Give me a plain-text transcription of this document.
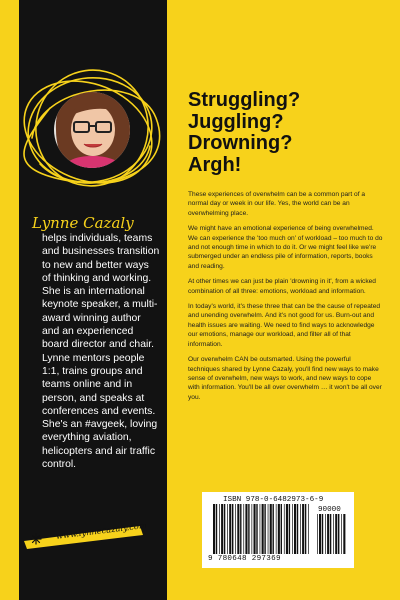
Lynne Cazaly

helps individuals, teams and businesses transition to new and better ways of thinking and working. She is an international keynote speaker, a multi-award winning author and an experienced board director and chair. Lynne mentors people 1:1, trains groups and teams online and in person, and speaks at conferences and events. She's an #avgeek, loving everything aviation, helicopters and air traffic control.

www.lynnecazaly.com
Struggling?
Juggling?
Drowning?
Argh!

These experiences of overwhelm can be a common part of a normal day or week in our life. Yes, the world can be an overwhelming place.

We might have an emotional experience of being overwhelmed. We can experience the 'too much on' of workload – too much to do and not enough time in which to do it. Or we might feel like we're submerged under an endless pile of information, reports, books and reading.

At other times we can just be plain 'drowning in it', from a wicked combination of all three: emotions, workload and information.

In today's world, it's these three that can be the cause of repeated and unending overwhelm. And it's not good for us. Burn-out and health issues are waiting. We need to find ways to acknowledge our emotions, manage our workload, and filter all of that information.

Our overwhelm CAN be outsmarted. Using the powerful techniques shared by Lynne Cazaly, you'll find new ways to make sense of overwhelm, new ways to work, and new ways to cope with information. You'll be all over overwhelm … it won't be all over you.

ISBN 978-0-6482973-6-9
90000
9 780648 297369
